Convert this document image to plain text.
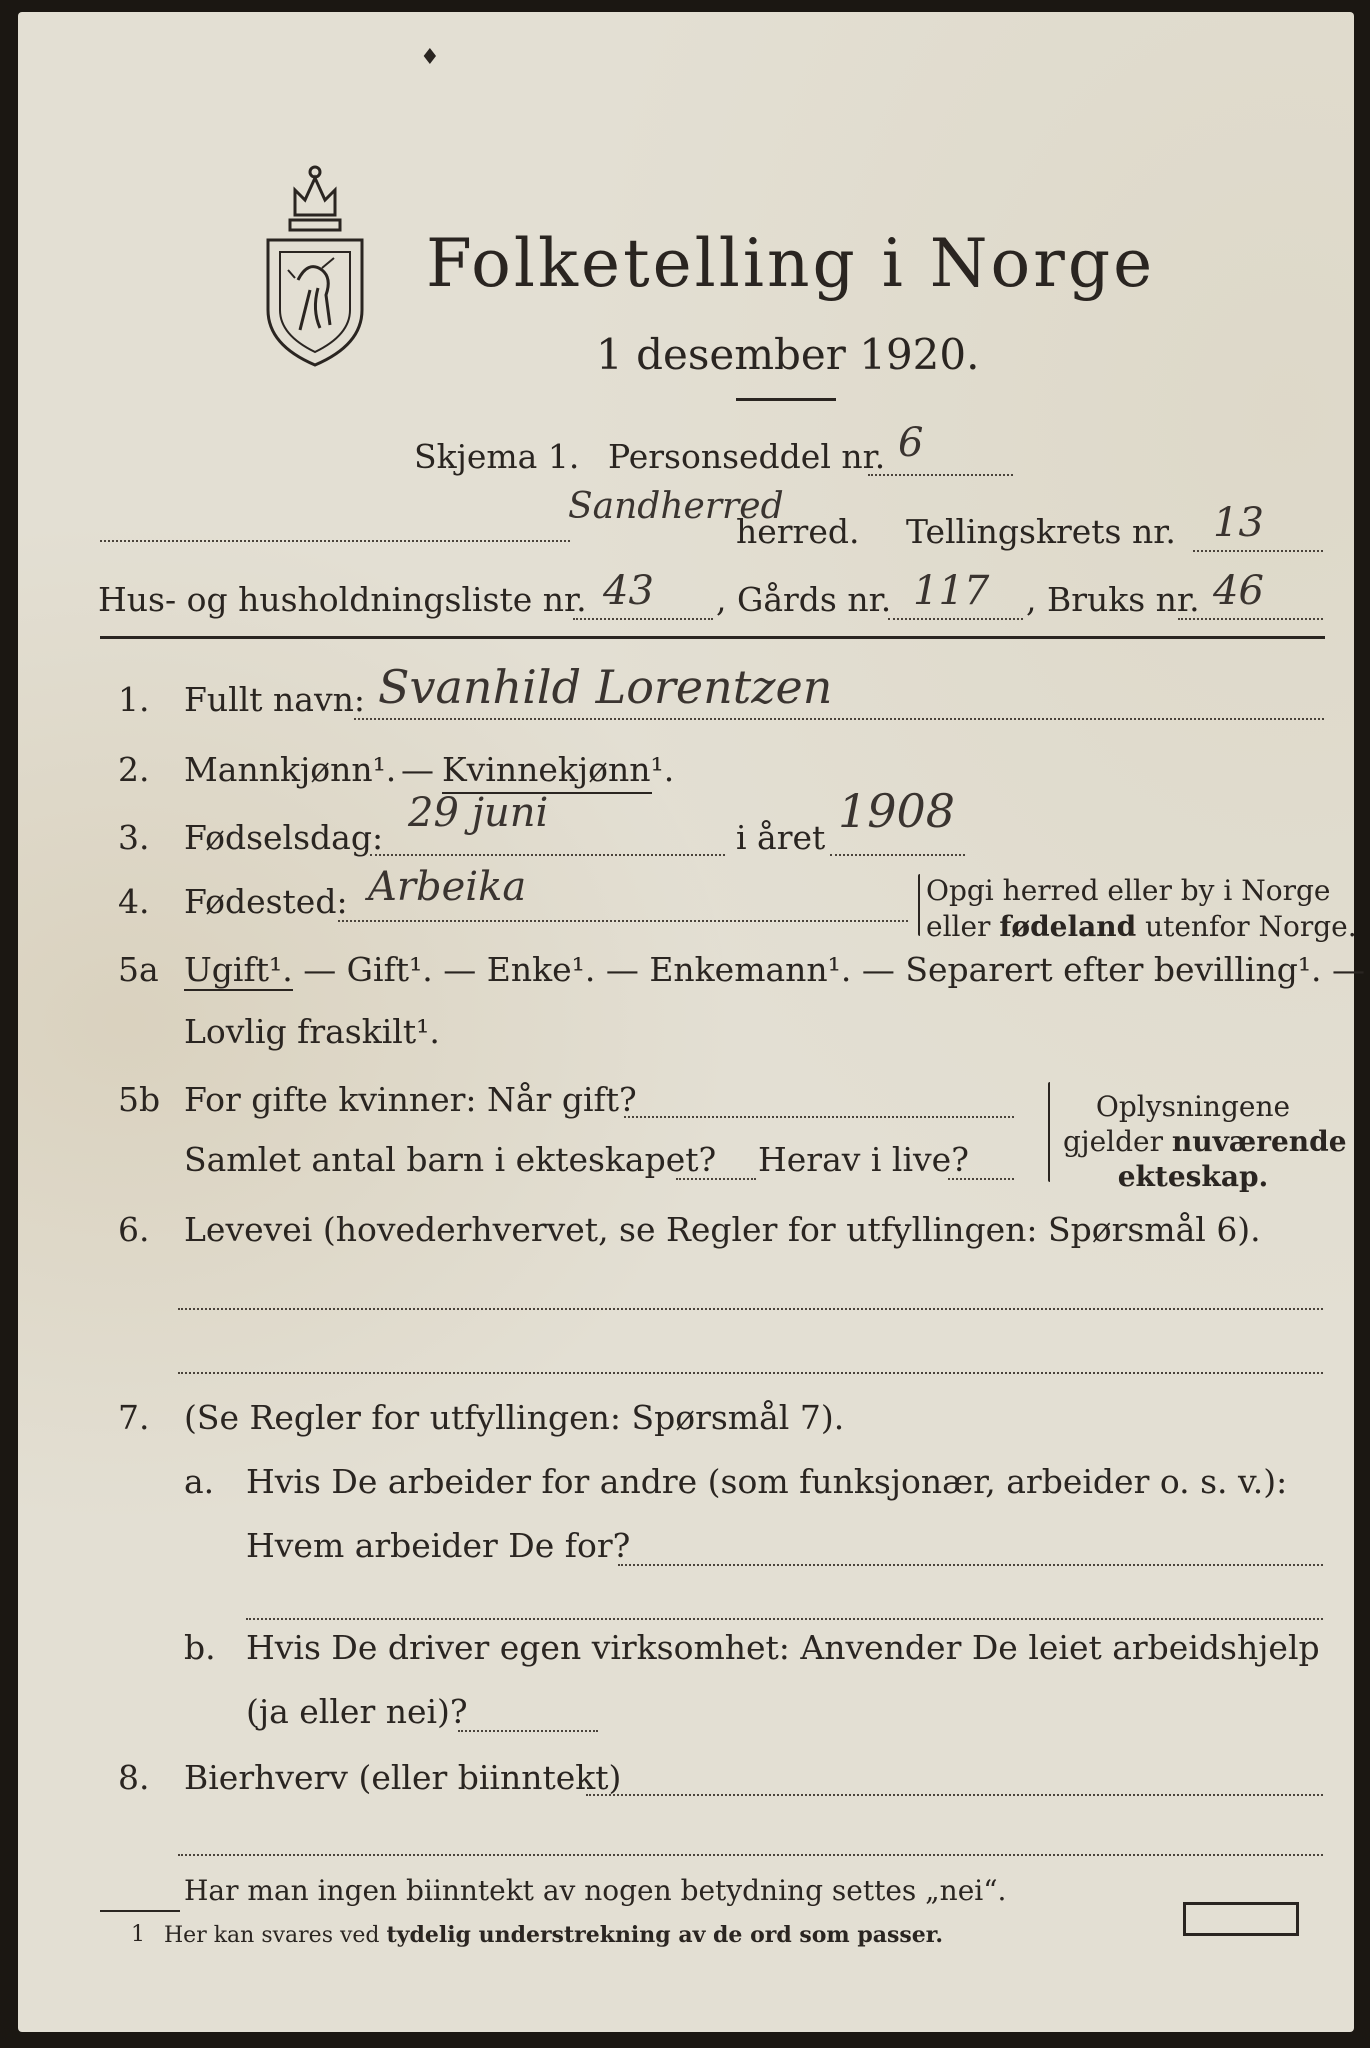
♦
Folketelling i Norge
1 desember 1920.
Skjema 1. Personseddel nr. 6
Sandherred
herred. Tellingskrets nr. 13
Hus- og husholdningsliste nr. 43 , Gårds nr. 117 , Bruks nr. 46
1. Fullt navn: Svanhild Lorentzen
2. Mannkjønn¹. — Kvinnekjønn¹.
3. Fødselsdag:
29 juni
i året 1908
4. Fødested: Arbeika	Opgi herred eller by i Norge
eller fødeland utenfor Norge.
5a Ugift¹. — Gift¹. — Enke¹. — Enkemann¹. — Separert efter bevilling¹. —
Lovlig fraskilt¹.
5b For gifte kvinner: Når gift?
Samlet antal barn i ekteskapet? Herav i live?
Oplysningene
gjelder nuværende
ekteskap.
6. Levevei (hovederhvervet, se Regler for utfyllingen: Spørsmål 6).
7. (Se Regler for utfyllingen: Spørsmål 7).
a. Hvis De arbeider for andre (som funksjonær, arbeider o. s. v.):
Hvem arbeider De for?
b. Hvis De driver egen virksomhet: Anvender De leiet arbeidshjelp
(ja eller nei)?
8. Bierhverv (eller biinntekt)
Har man ingen biinntekt av nogen betydning settes „nei“.
1 Her kan svares ved tydelig understrekning av de ord som passer.
